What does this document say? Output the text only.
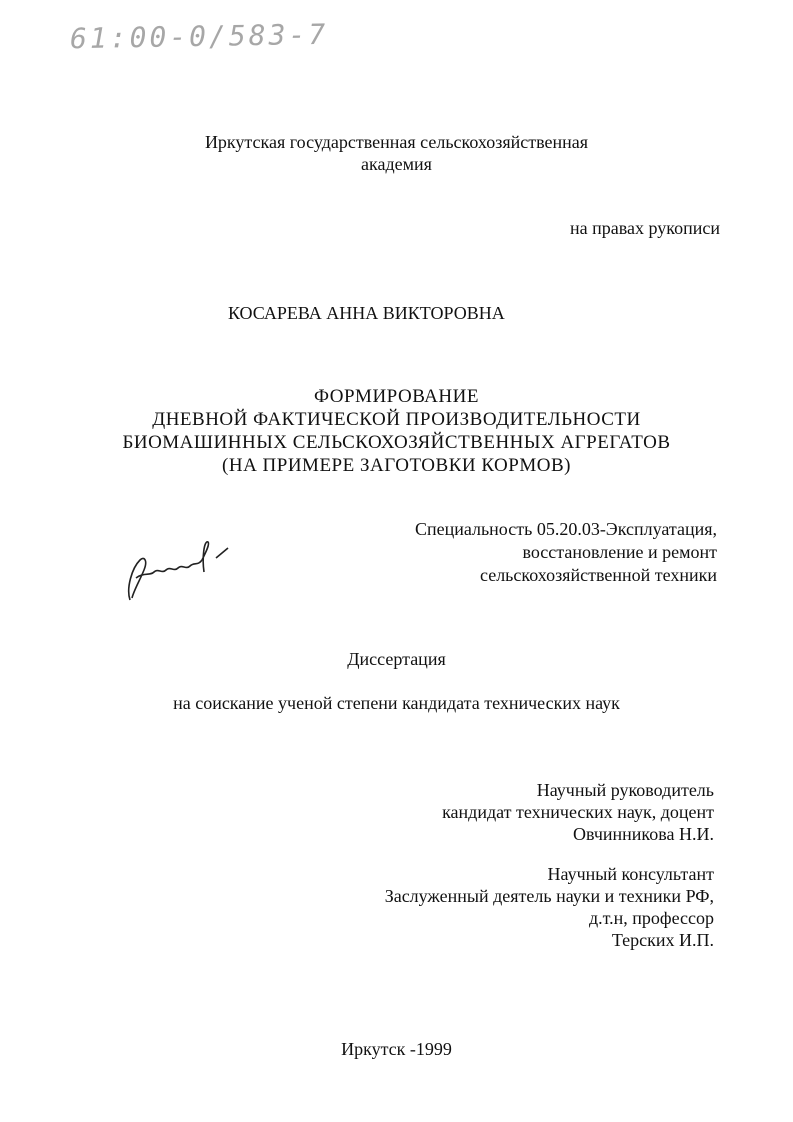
61:00-0/583-7
Иркутская государственная сельскохозяйственная
академия
на правах рукописи
КОСАРЕВА АННА ВИКТОРОВНА
ФОРМИРОВАНИЕ
ДНЕВНОЙ ФАКТИЧЕСКОЙ ПРОИЗВОДИТЕЛЬНОСТИ
БИОМАШИННЫХ СЕЛЬСКОХОЗЯЙСТВЕННЫХ АГРЕГАТОВ
(НА ПРИМЕРЕ ЗАГОТОВКИ КОРМОВ)
Специальность 05.20.03-Эксплуатация,
восстановление и ремонт
сельскохозяйственной техники
Диссертация
на соискание ученой степени кандидата технических наук
Научный руководитель
кандидат технических наук, доцент
Овчинникова Н.И.
Научный консультант
Заслуженный деятель науки и техники РФ,
д.т.н, профессор
Терских И.П.
Иркутск -1999
